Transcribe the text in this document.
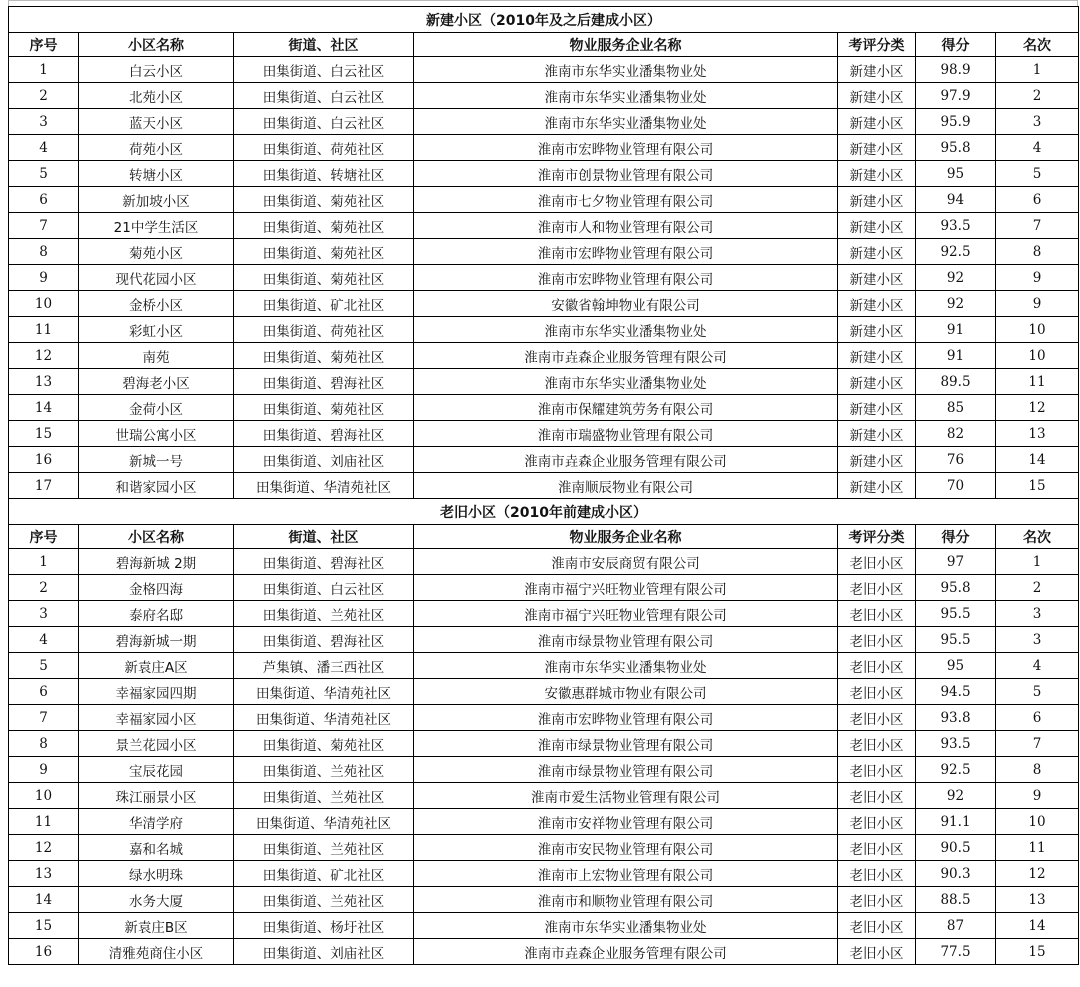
新建小区（2010年及之后建成小区）						
序号	小区名称	街道、社区	物业服务企业名称	考评分类	得分	名次
1	白云小区	田集街道、白云社区	淮南市东华实业潘集物业处	新建小区	98.9	1
2	北苑小区	田集街道、白云社区	淮南市东华实业潘集物业处	新建小区	97.9	2
3	蓝天小区	田集街道、白云社区	淮南市东华实业潘集物业处	新建小区	95.9	3
4	荷苑小区	田集街道、荷苑社区	淮南市宏晔物业管理有限公司	新建小区	95.8	4
5	转塘小区	田集街道、转塘社区	淮南市创景物业管理有限公司	新建小区	95	5
6	新加坡小区	田集街道、菊苑社区	淮南市七夕物业管理有限公司	新建小区	94	6
7	21中学生活区	田集街道、菊苑社区	淮南市人和物业管理有限公司	新建小区	93.5	7
8	菊苑小区	田集街道、菊苑社区	淮南市宏晔物业管理有限公司	新建小区	92.5	8
9	现代花园小区	田集街道、菊苑社区	淮南市宏晔物业管理有限公司	新建小区	92	9
10	金桥小区	田集街道、矿北社区	安徽省翰坤物业有限公司	新建小区	92	9
11	彩虹小区	田集街道、荷苑社区	淮南市东华实业潘集物业处	新建小区	91	10
12	南苑	田集街道、菊苑社区	淮南市垚森企业服务管理有限公司	新建小区	91	10
13	碧海老小区	田集街道、碧海社区	淮南市东华实业潘集物业处	新建小区	89.5	11
14	金荷小区	田集街道、菊苑社区	淮南市保耀建筑劳务有限公司	新建小区	85	12
15	世瑞公寓小区	田集街道、碧海社区	淮南市瑞盛物业管理有限公司	新建小区	82	13
16	新城一号	田集街道、刘庙社区	淮南市垚森企业服务管理有限公司	新建小区	76	14
17	和谐家园小区	田集街道、华清苑社区	淮南顺辰物业有限公司	新建小区	70	15
老旧小区（2010年前建成小区）						
序号	小区名称	街道、社区	物业服务企业名称	考评分类	得分	名次
1	碧海新城 2期	田集街道、碧海社区	淮南市安辰商贸有限公司	老旧小区	97	1
2	金格四海	田集街道、白云社区	淮南市福宁兴旺物业管理有限公司	老旧小区	95.8	2
3	泰府名邸	田集街道、兰苑社区	淮南市福宁兴旺物业管理有限公司	老旧小区	95.5	3
4	碧海新城一期	田集街道、碧海社区	淮南市绿景物业管理有限公司	老旧小区	95.5	3
5	新袁庄A区	芦集镇、潘三西社区	淮南市东华实业潘集物业处	老旧小区	95	4
6	幸福家园四期	田集街道、华清苑社区	安徽惠群城市物业有限公司	老旧小区	94.5	5
7	幸福家园小区	田集街道、华清苑社区	淮南市宏晔物业管理有限公司	老旧小区	93.8	6
8	景兰花园小区	田集街道、菊苑社区	淮南市绿景物业管理有限公司	老旧小区	93.5	7
9	宝辰花园	田集街道、兰苑社区	淮南市绿景物业管理有限公司	老旧小区	92.5	8
10	珠江丽景小区	田集街道、兰苑社区	淮南市爱生活物业管理有限公司	老旧小区	92	9
11	华清学府	田集街道、华清苑社区	淮南市安祥物业管理有限公司	老旧小区	91.1	10
12	嘉和名城	田集街道、兰苑社区	淮南市安民物业管理有限公司	老旧小区	90.5	11
13	绿水明珠	田集街道、矿北社区	淮南市上宏物业管理有限公司	老旧小区	90.3	12
14	水务大厦	田集街道、兰苑社区	淮南市和顺物业管理有限公司	老旧小区	88.5	13
15	新袁庄B区	田集街道、杨圩社区	淮南市东华实业潘集物业处	老旧小区	87	14
16	清雅苑商住小区	田集街道、刘庙社区	淮南市垚森企业服务管理有限公司	老旧小区	77.5	15
